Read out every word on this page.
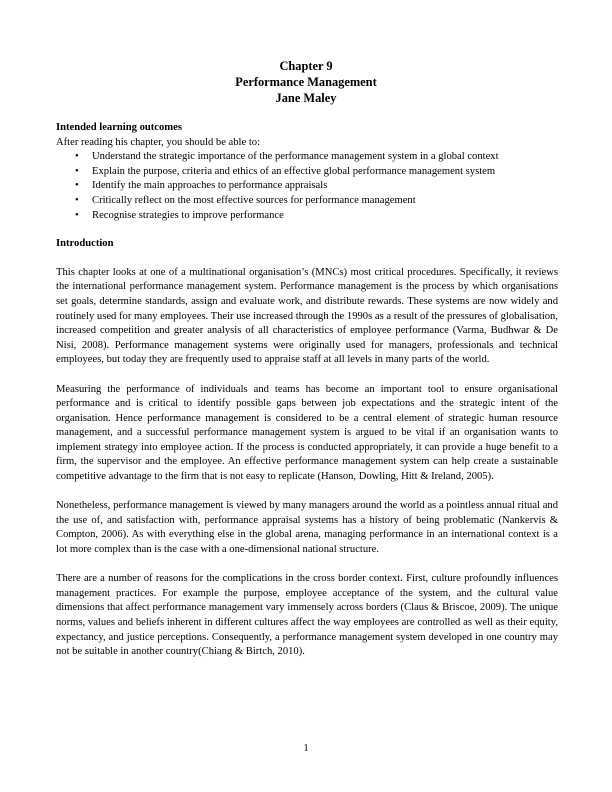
Chapter 9
Performance Management
Jane Maley
Intended learning outcomes
After reading his chapter, you should be able to:
• Understand the strategic importance of the performance management system in a global context
• Explain the purpose, criteria and ethics of an effective global performance management system
• Identify the main approaches to performance appraisals
• Critically reflect on the most effective sources for performance management
• Recognise strategies to improve performance
Introduction

This chapter looks at one of a multinational organisation’s (MNCs) most critical procedures. Specifically, it reviews the international performance management system. Performance management is the process by which organisations set goals, determine standards, assign and evaluate work, and distribute rewards. These systems are now widely and routinely used for many employees. Their use increased through the 1990s as a result of the pressures of globalisation, increased competition and greater analysis of all characteristics of employee performance (Varma, Budhwar & De Nisi, 2008). Performance management systems were originally used for managers, professionals and technical employees, but today they are frequently used to appraise staff at all levels in many parts of the world.

Measuring the performance of individuals and teams has become an important tool to ensure organisational performance and is critical to identify possible gaps between job expectations and the strategic intent of the organisation. Hence performance management is considered to be a central element of strategic human resource management, and a successful performance management system is argued to be vital if an organisation wants to implement strategy into employee action. If the process is conducted appropriately, it can provide a huge benefit to a firm, the supervisor and the employee. An effective performance management system can help create a sustainable competitive advantage to the firm that is not easy to replicate (Hanson, Dowling, Hitt & Ireland, 2005).

Nonetheless, performance management is viewed by many managers around the world as a pointless annual ritual and the use of, and satisfaction with, performance appraisal systems has a history of being problematic (Nankervis & Compton, 2006). As with everything else in the global arena, managing performance in an international context is a lot more complex than is the case with a one-dimensional national structure.

There are a number of reasons for the complications in the cross border context. First, culture profoundly influences management practices. For example the purpose, employee acceptance of the system, and the cultural value dimensions that affect performance management vary immensely across borders (Claus & Briscoe, 2009). The unique norms, values and beliefs inherent in different cultures affect the way employees are controlled as well as their equity, expectancy, and justice perceptions. Consequently, a performance management system developed in one country may not be suitable in another country(Chiang & Birtch, 2010).

1
